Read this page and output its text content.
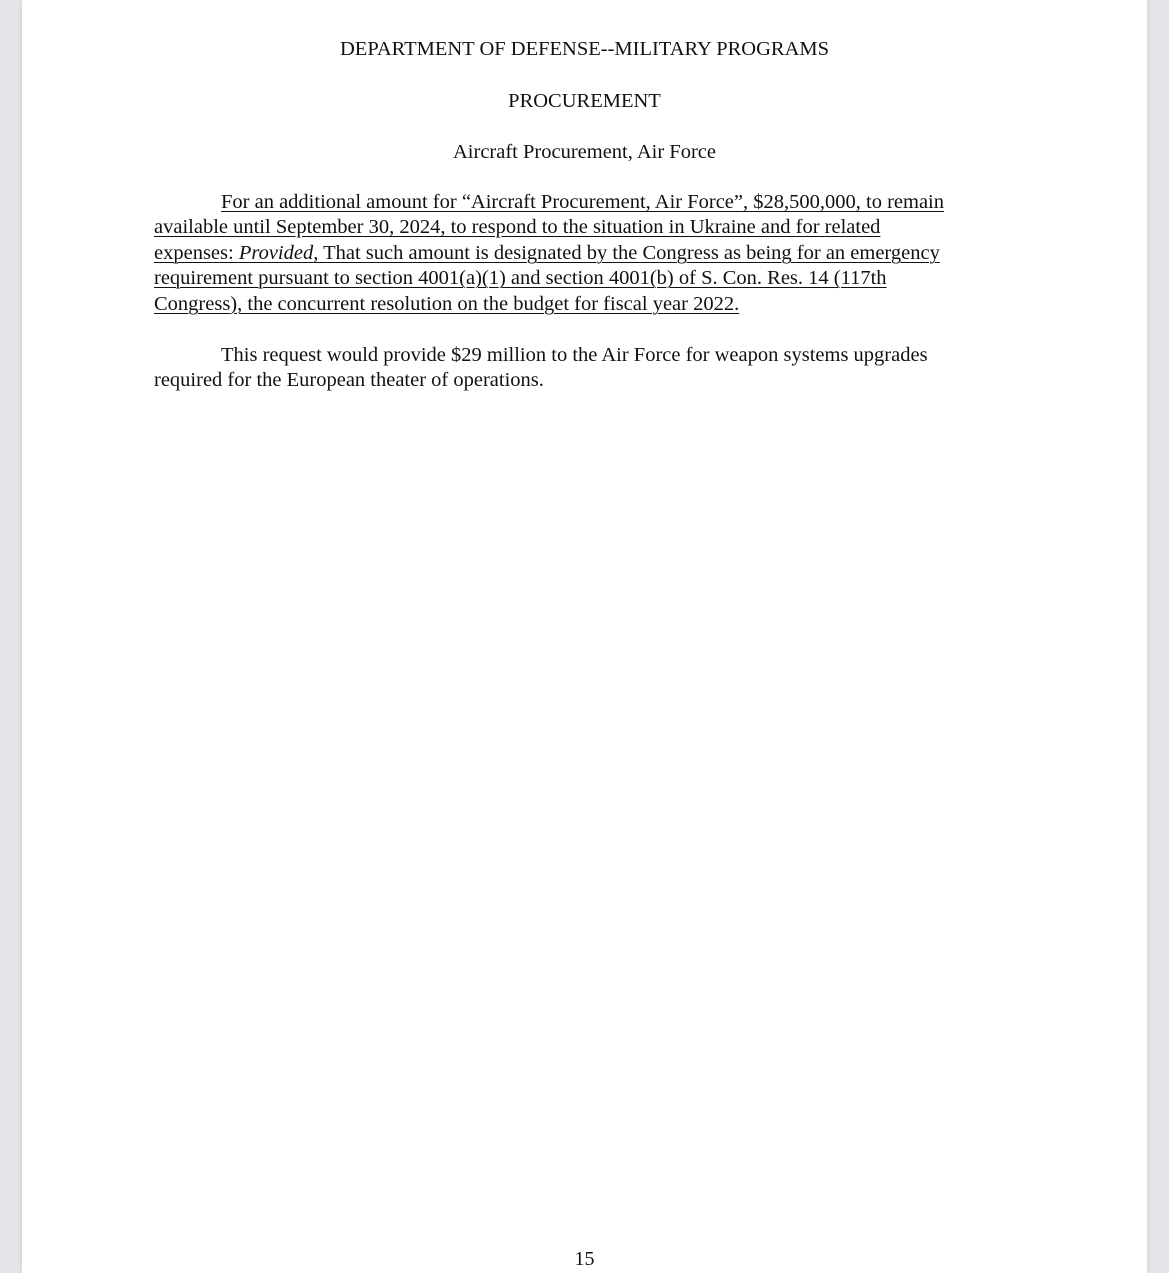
DEPARTMENT OF DEFENSE--MILITARY PROGRAMS
PROCUREMENT
Aircraft Procurement, Air Force

For an additional amount for “Aircraft Procurement, Air Force”, $28,500,000, to remain
available until September 30, 2024, to respond to the situation in Ukraine and for related
expenses: Provided, That such amount is designated by the Congress as being for an emergency
requirement pursuant to section 4001(a)(1) and section 4001(b) of S. Con. Res. 14 (117th
Congress), the concurrent resolution on the budget for fiscal year 2022.

This request would provide $29 million to the Air Force for weapon systems upgrades
required for the European theater of operations.

15
